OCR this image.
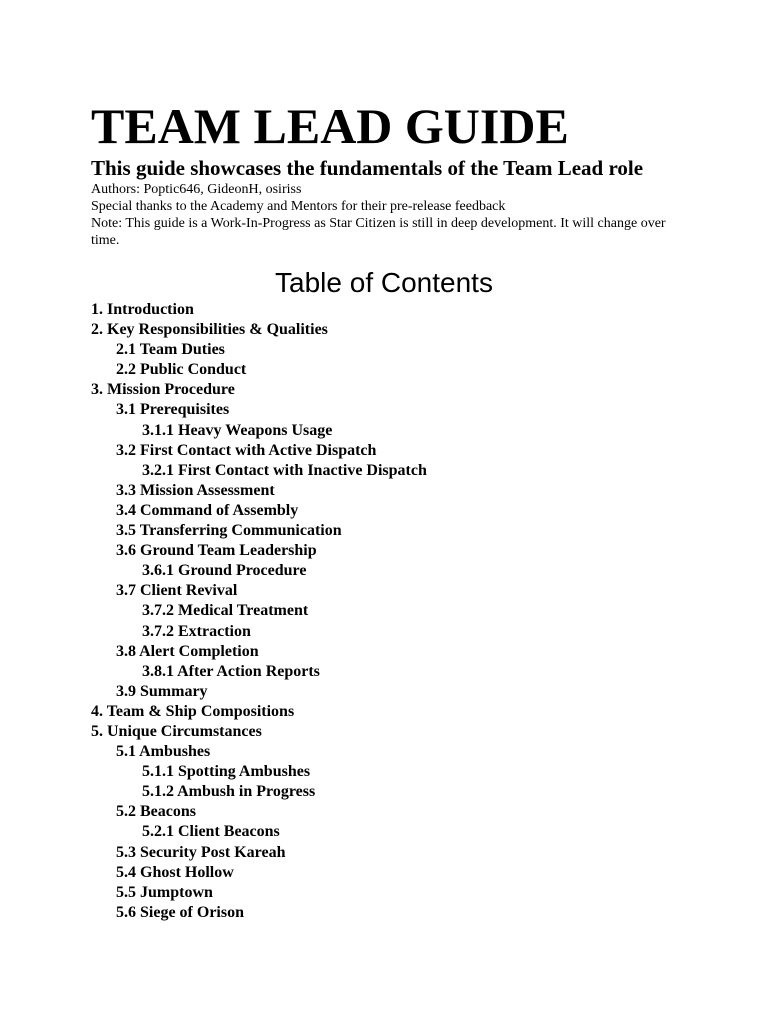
TEAM LEAD GUIDE
This guide showcases the fundamentals of the Team Lead role
Authors: Poptic646, GideonH, osiriss
Special thanks to the Academy and Mentors for their pre-release feedback
Note: This guide is a Work-In-Progress as Star Citizen is still in deep development. It will change over time.
Table of Contents
1. Introduction
2. Key Responsibilities & Qualities
2.1 Team Duties
2.2 Public Conduct
3. Mission Procedure
3.1 Prerequisites
3.1.1 Heavy Weapons Usage
3.2 First Contact with Active Dispatch
3.2.1 First Contact with Inactive Dispatch
3.3 Mission Assessment
3.4 Command of Assembly
3.5 Transferring Communication
3.6 Ground Team Leadership
3.6.1 Ground Procedure
3.7 Client Revival
3.7.2 Medical Treatment
3.7.2 Extraction
3.8 Alert Completion
3.8.1 After Action Reports
3.9 Summary
4. Team & Ship Compositions
5. Unique Circumstances
5.1 Ambushes
5.1.1 Spotting Ambushes
5.1.2 Ambush in Progress
5.2 Beacons
5.2.1 Client Beacons
5.3 Security Post Kareah
5.4 Ghost Hollow
5.5 Jumptown
5.6 Siege of Orison
